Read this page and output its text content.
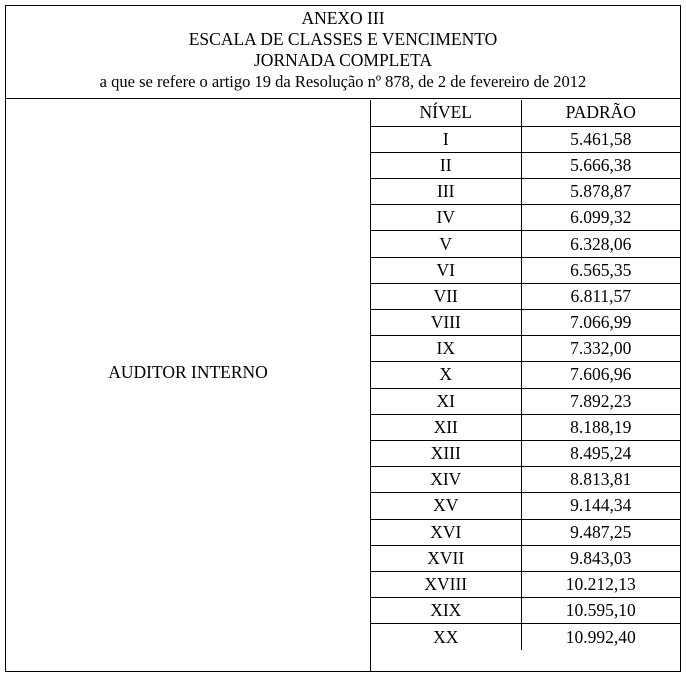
ANEXO III
ESCALA DE CLASSES E VENCIMENTO
JORNADA COMPLETA
a que se refere o artigo 19 da Resolução nº 878, de 2 de fevereiro de 2012
AUDITOR INTERNO
NÍVEL	PADRÃO
I	5.461,58
II	5.666,38
III	5.878,87
IV	6.099,32
V	6.328,06
VI	6.565,35
VII	6.811,57
VIII	7.066,99
IX	7.332,00
X	7.606,96
XI	7.892,23
XII	8.188,19
XIII	8.495,24
XIV	8.813,81
XV	9.144,34
XVI	9.487,25
XVII	9.843,03
XVIII	10.212,13
XIX	10.595,10
XX	10.992,40
